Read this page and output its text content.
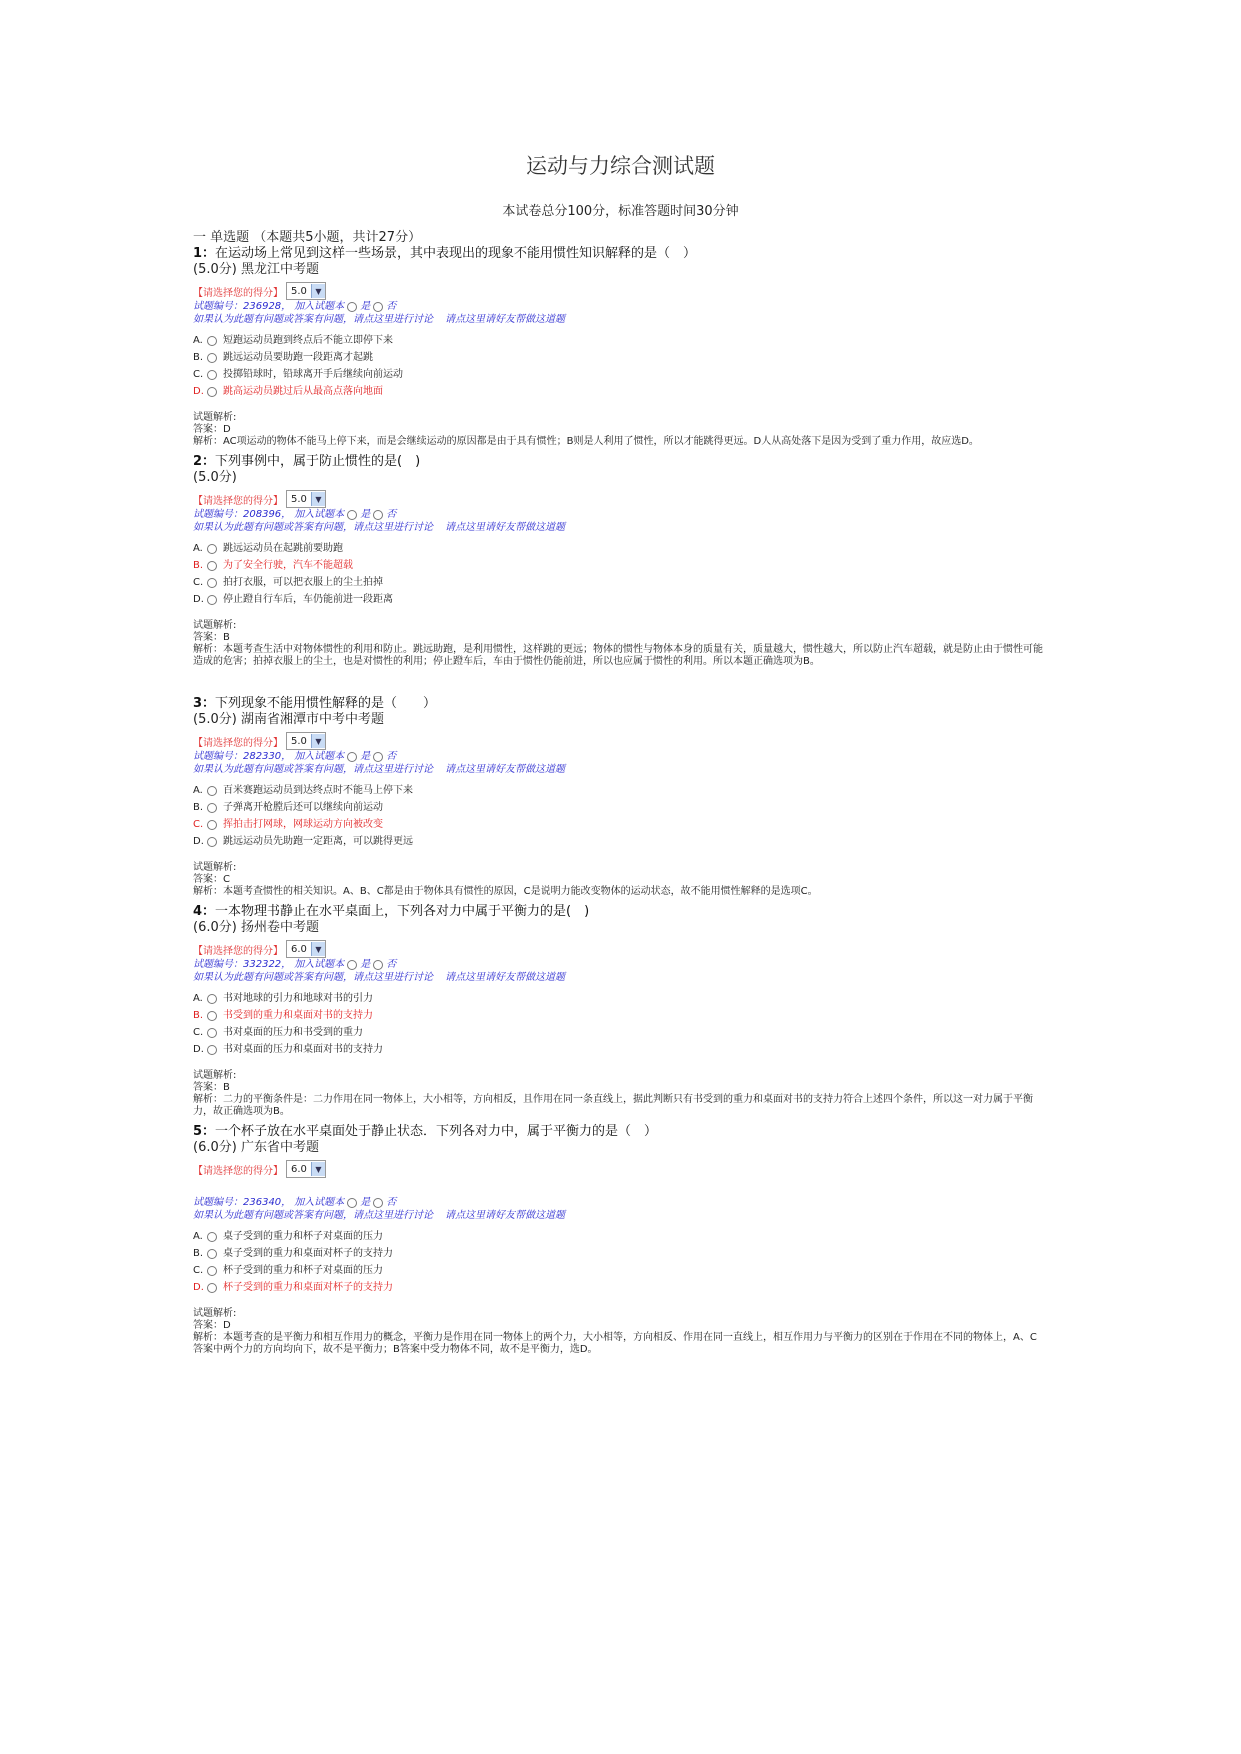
运动与力综合测试题
本试卷总分100分，标准答题时间30分钟
一 单选题 （本题共5小题，共计27分）
1：在运动场上常见到这样一些场景，其中表现出的现象不能用惯性知识解释的是（　）
(5.0分) 黑龙江中考题
【请选择您的得分】 5.0	▼
试题编号：236928， 加入试题本 是 否
如果认为此题有问题或答案有问题，请点这里进行讨论 请点这里请好友帮做这道题
A.	短跑运动员跑到终点后不能立即停下来
B.	跳远运动员要助跑一段距离才起跳
C.	投掷铅球时，铅球离开手后继续向前运动
D.	跳高运动员跳过后从最高点落向地面
试题解析:
答案：D
解析：AC项运动的物体不能马上停下来，而是会继续运动的原因都是由于具有惯性；B则是人利用了惯性，所以才能跳得更远。D人从高处落下是因为受到了重力作用，故应选D。
2：下列事例中，属于防止惯性的是(　)
(5.0分)
【请选择您的得分】 5.0	▼
试题编号：208396， 加入试题本 是 否
如果认为此题有问题或答案有问题，请点这里进行讨论 请点这里请好友帮做这道题
A.	跳远运动员在起跳前要助跑
B.	为了安全行驶，汽车不能超载
C.	拍打衣服，可以把衣服上的尘土拍掉
D.	停止蹬自行车后，车仍能前进一段距离
试题解析:
答案：B
解析：本题考查生活中对物体惯性的利用和防止。跳远助跑，是利用惯性，这样跳的更远；物体的惯性与物体本身的质量有关，质量越大，惯性越大，所以防止汽车超载，就是防止由于惯性可能造成的危害；拍掉衣服上的尘土，也是对惯性的利用；停止蹬车后，车由于惯性仍能前进，所以也应属于惯性的利用。所以本题正确选项为B。
3：下列现象不能用惯性解释的是（　　）
(5.0分) 湖南省湘潭市中考中考题
【请选择您的得分】 5.0	▼
试题编号：282330， 加入试题本 是 否
如果认为此题有问题或答案有问题，请点这里进行讨论 请点这里请好友帮做这道题
A.	百米赛跑运动员到达终点时不能马上停下来
B.	子弹离开枪膛后还可以继续向前运动
C.	挥拍击打网球，网球运动方向被改变
D.	跳远运动员先助跑一定距离，可以跳得更远
试题解析:
答案：C
解析：本题考查惯性的相关知识。A、B、C都是由于物体具有惯性的原因，C是说明力能改变物体的运动状态，故不能用惯性解释的是选项C。
4：一本物理书静止在水平桌面上，下列各对力中属于平衡力的是(　)
(6.0分) 扬州卷中考题
【请选择您的得分】 6.0	▼
试题编号：332322， 加入试题本 是 否
如果认为此题有问题或答案有问题，请点这里进行讨论 请点这里请好友帮做这道题
A.	书对地球的引力和地球对书的引力
B.	书受到的重力和桌面对书的支持力
C.	书对桌面的压力和书受到的重力
D.	书对桌面的压力和桌面对书的支持力
试题解析:
答案：B
解析：二力的平衡条件是：二力作用在同一物体上，大小相等，方向相反，且作用在同一条直线上，据此判断只有书受到的重力和桌面对书的支持力符合上述四个条件，所以这一对力属于平衡力，故正确选项为B。
5：一个杯子放在水平桌面处于静止状态．下列各对力中，属于平衡力的是（　）
(6.0分) 广东省中考题
【请选择您的得分】 6.0	▼
试题编号：236340， 加入试题本 是 否
如果认为此题有问题或答案有问题，请点这里进行讨论 请点这里请好友帮做这道题
A.	桌子受到的重力和杯子对桌面的压力
B.	桌子受到的重力和桌面对杯子的支持力
C.	杯子受到的重力和杯子对桌面的压力
D.	杯子受到的重力和桌面对杯子的支持力
试题解析:
答案：D
解析：本题考查的是平衡力和相互作用力的概念，平衡力是作用在同一物体上的两个力，大小相等，方向相反、作用在同一直线上，相互作用力与平衡力的区别在于作用在不同的物体上，A、C答案中两个力的方向均向下，故不是平衡力；B答案中受力物体不同，故不是平衡力，选D。
